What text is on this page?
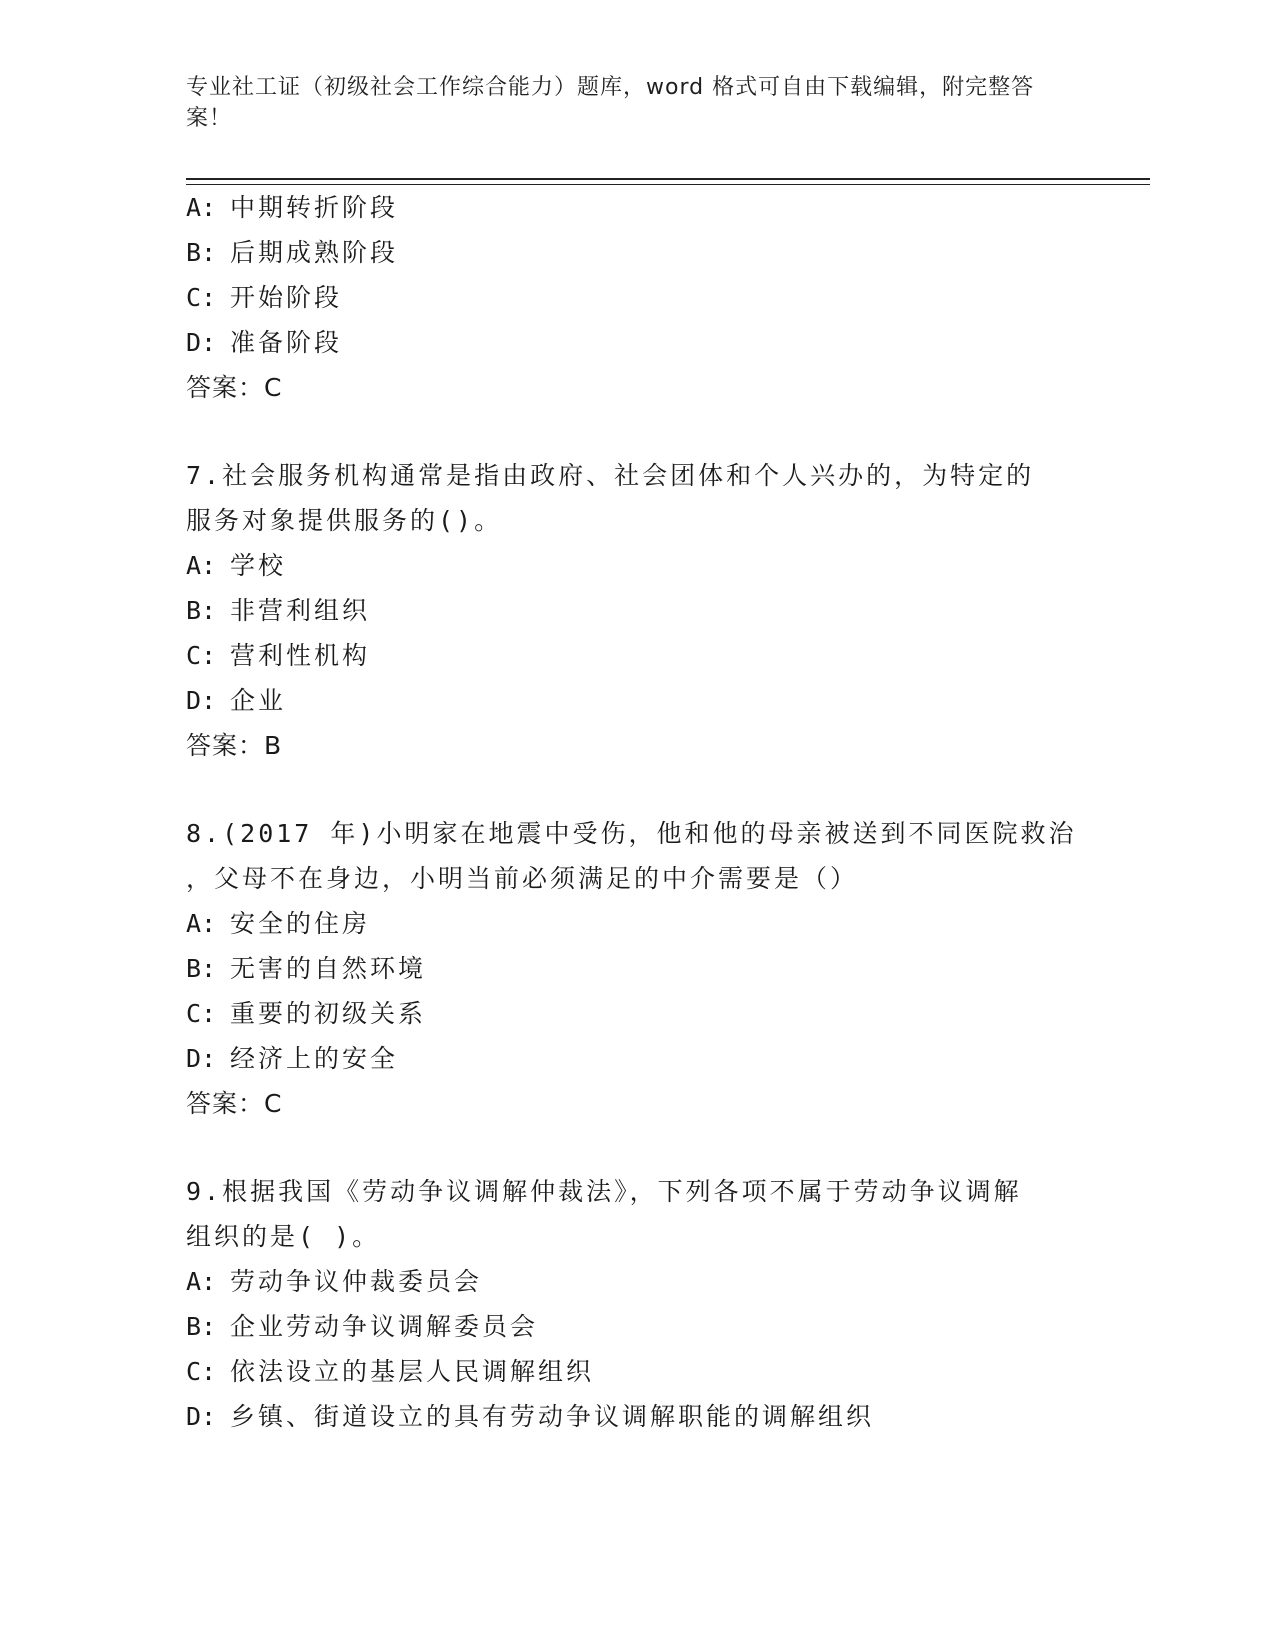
专业社工证（初级社会工作综合能力）题库，word 格式可自由下载编辑，附完整答案！
A: 中期转折阶段
B: 后期成熟阶段
C: 开始阶段
D: 准备阶段
答案：C
7.社会服务机构通常是指由政府、社会团体和个人兴办的，为特定的
服务对象提供服务的()。
A: 学校
B: 非营利组织
C: 营利性机构
D: 企业
答案：B
8.(2017 年)小明家在地震中受伤，他和他的母亲被送到不同医院救治
，父母不在身边，小明当前必须满足的中介需要是（）
A: 安全的住房
B: 无害的自然环境
C: 重要的初级关系
D: 经济上的安全
答案：C
9.根据我国《劳动争议调解仲裁法》，下列各项不属于劳动争议调解
组织的是( )。
A: 劳动争议仲裁委员会
B: 企业劳动争议调解委员会
C: 依法设立的基层人民调解组织
D: 乡镇、街道设立的具有劳动争议调解职能的调解组织
